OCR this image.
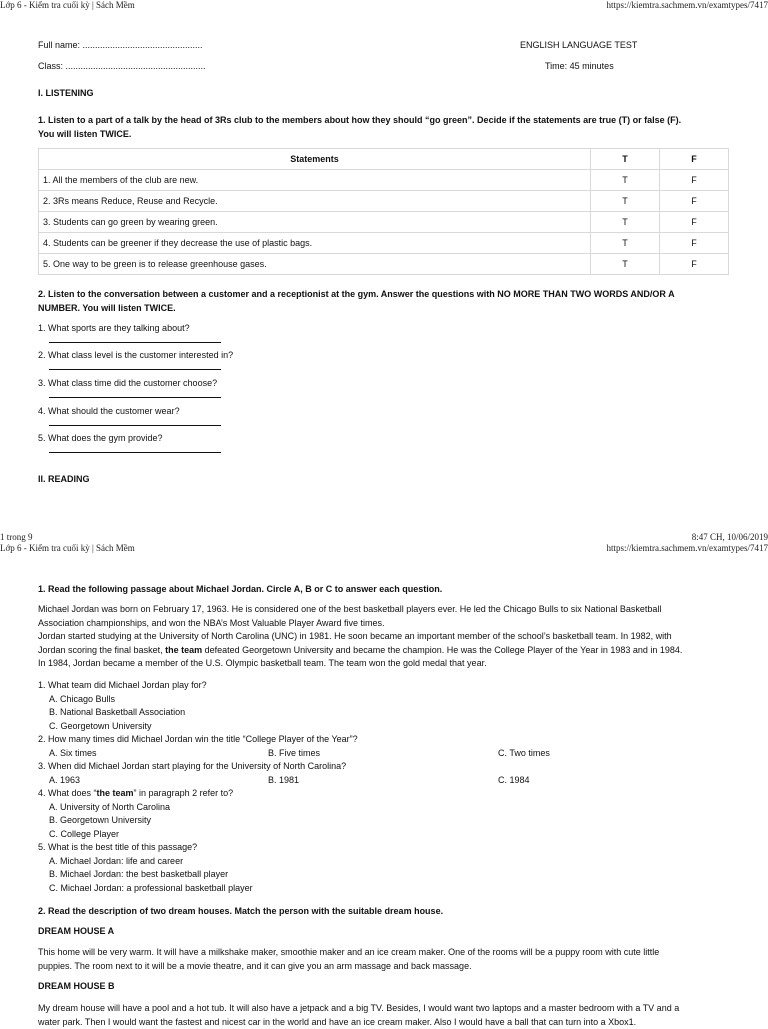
Lớp 6 - Kiểm tra cuối kỳ | Sách Mềm	https://kiemtra.sachmem.vn/examtypes/7417
Full name: ................................................
Class: ........................................................
ENGLISH LANGUAGE TEST
Time: 45 minutes
I. LISTENING
1. Listen to a part of a talk by the head of 3Rs club to the members about how they should “go green”. Decide if the statements are true (T) or false (F).
You will listen TWICE.
Statements	T	F
1. All the members of the club are new.	T	F
2. 3Rs means Reduce, Reuse and Recycle.	T	F
3. Students can go green by wearing green.	T	F
4. Students can be greener if they decrease the use of plastic bags.	T	F
5. One way to be green is to release greenhouse gases.	T	F
2. Listen to the conversation between a customer and a receptionist at the gym. Answer the questions with NO MORE THAN TWO WORDS AND/OR A
NUMBER. You will listen TWICE.
1. What sports are they talking about?
2. What class level is the customer interested in?
3. What class time did the customer choose?
4. What should the customer wear?
5. What does the gym provide?
II. READING
1 trong 9	8:47 CH, 10/06/2019
Lớp 6 - Kiểm tra cuối kỳ | Sách Mềm	https://kiemtra.sachmem.vn/examtypes/7417
1. Read the following passage about Michael Jordan. Circle A, B or C to answer each question.
Michael Jordan was born on February 17, 1963. He is considered one of the best basketball players ever. He led the Chicago Bulls to six National Basketball
Association championships, and won the NBA’s Most Valuable Player Award five times.
Jordan started studying at the University of North Carolina (UNC) in 1981. He soon became an important member of the school’s basketball team. In 1982, with
Jordan scoring the final basket, the team defeated Georgetown University and became the champion. He was the College Player of the Year in 1983 and in 1984.
In 1984, Jordan became a member of the U.S. Olympic basketball team. The team won the gold medal that year.
1. What team did Michael Jordan play for?
A. Chicago Bulls
B. National Basketball Association
C. Georgetown University
2. How many times did Michael Jordan win the title “College Player of the Year”?
A. Six times	B. Five times	C. Two times
3. When did Michael Jordan start playing for the University of North Carolina?
A. 1963	B. 1981	C. 1984
4. What does “the team” in paragraph 2 refer to?
A. University of North Carolina
B. Georgetown University
C. College Player
5. What is the best title of this passage?
A. Michael Jordan: life and career
B. Michael Jordan: the best basketball player
C. Michael Jordan: a professional basketball player
2. Read the description of two dream houses. Match the person with the suitable dream house.
DREAM HOUSE A
This home will be very warm. It will have a milkshake maker, smoothie maker and an ice cream maker. One of the rooms will be a puppy room with cute little
puppies. The room next to it will be a movie theatre, and it can give you an arm massage and back massage.
DREAM HOUSE B
My dream house will have a pool and a hot tub. It will also have a jetpack and a big TV. Besides, I would want two laptops and a master bedroom with a TV and a
water park. Then I would want the fastest and nicest car in the world and have an ice cream maker. Also I would have a ball that can turn into a Xbox1.
